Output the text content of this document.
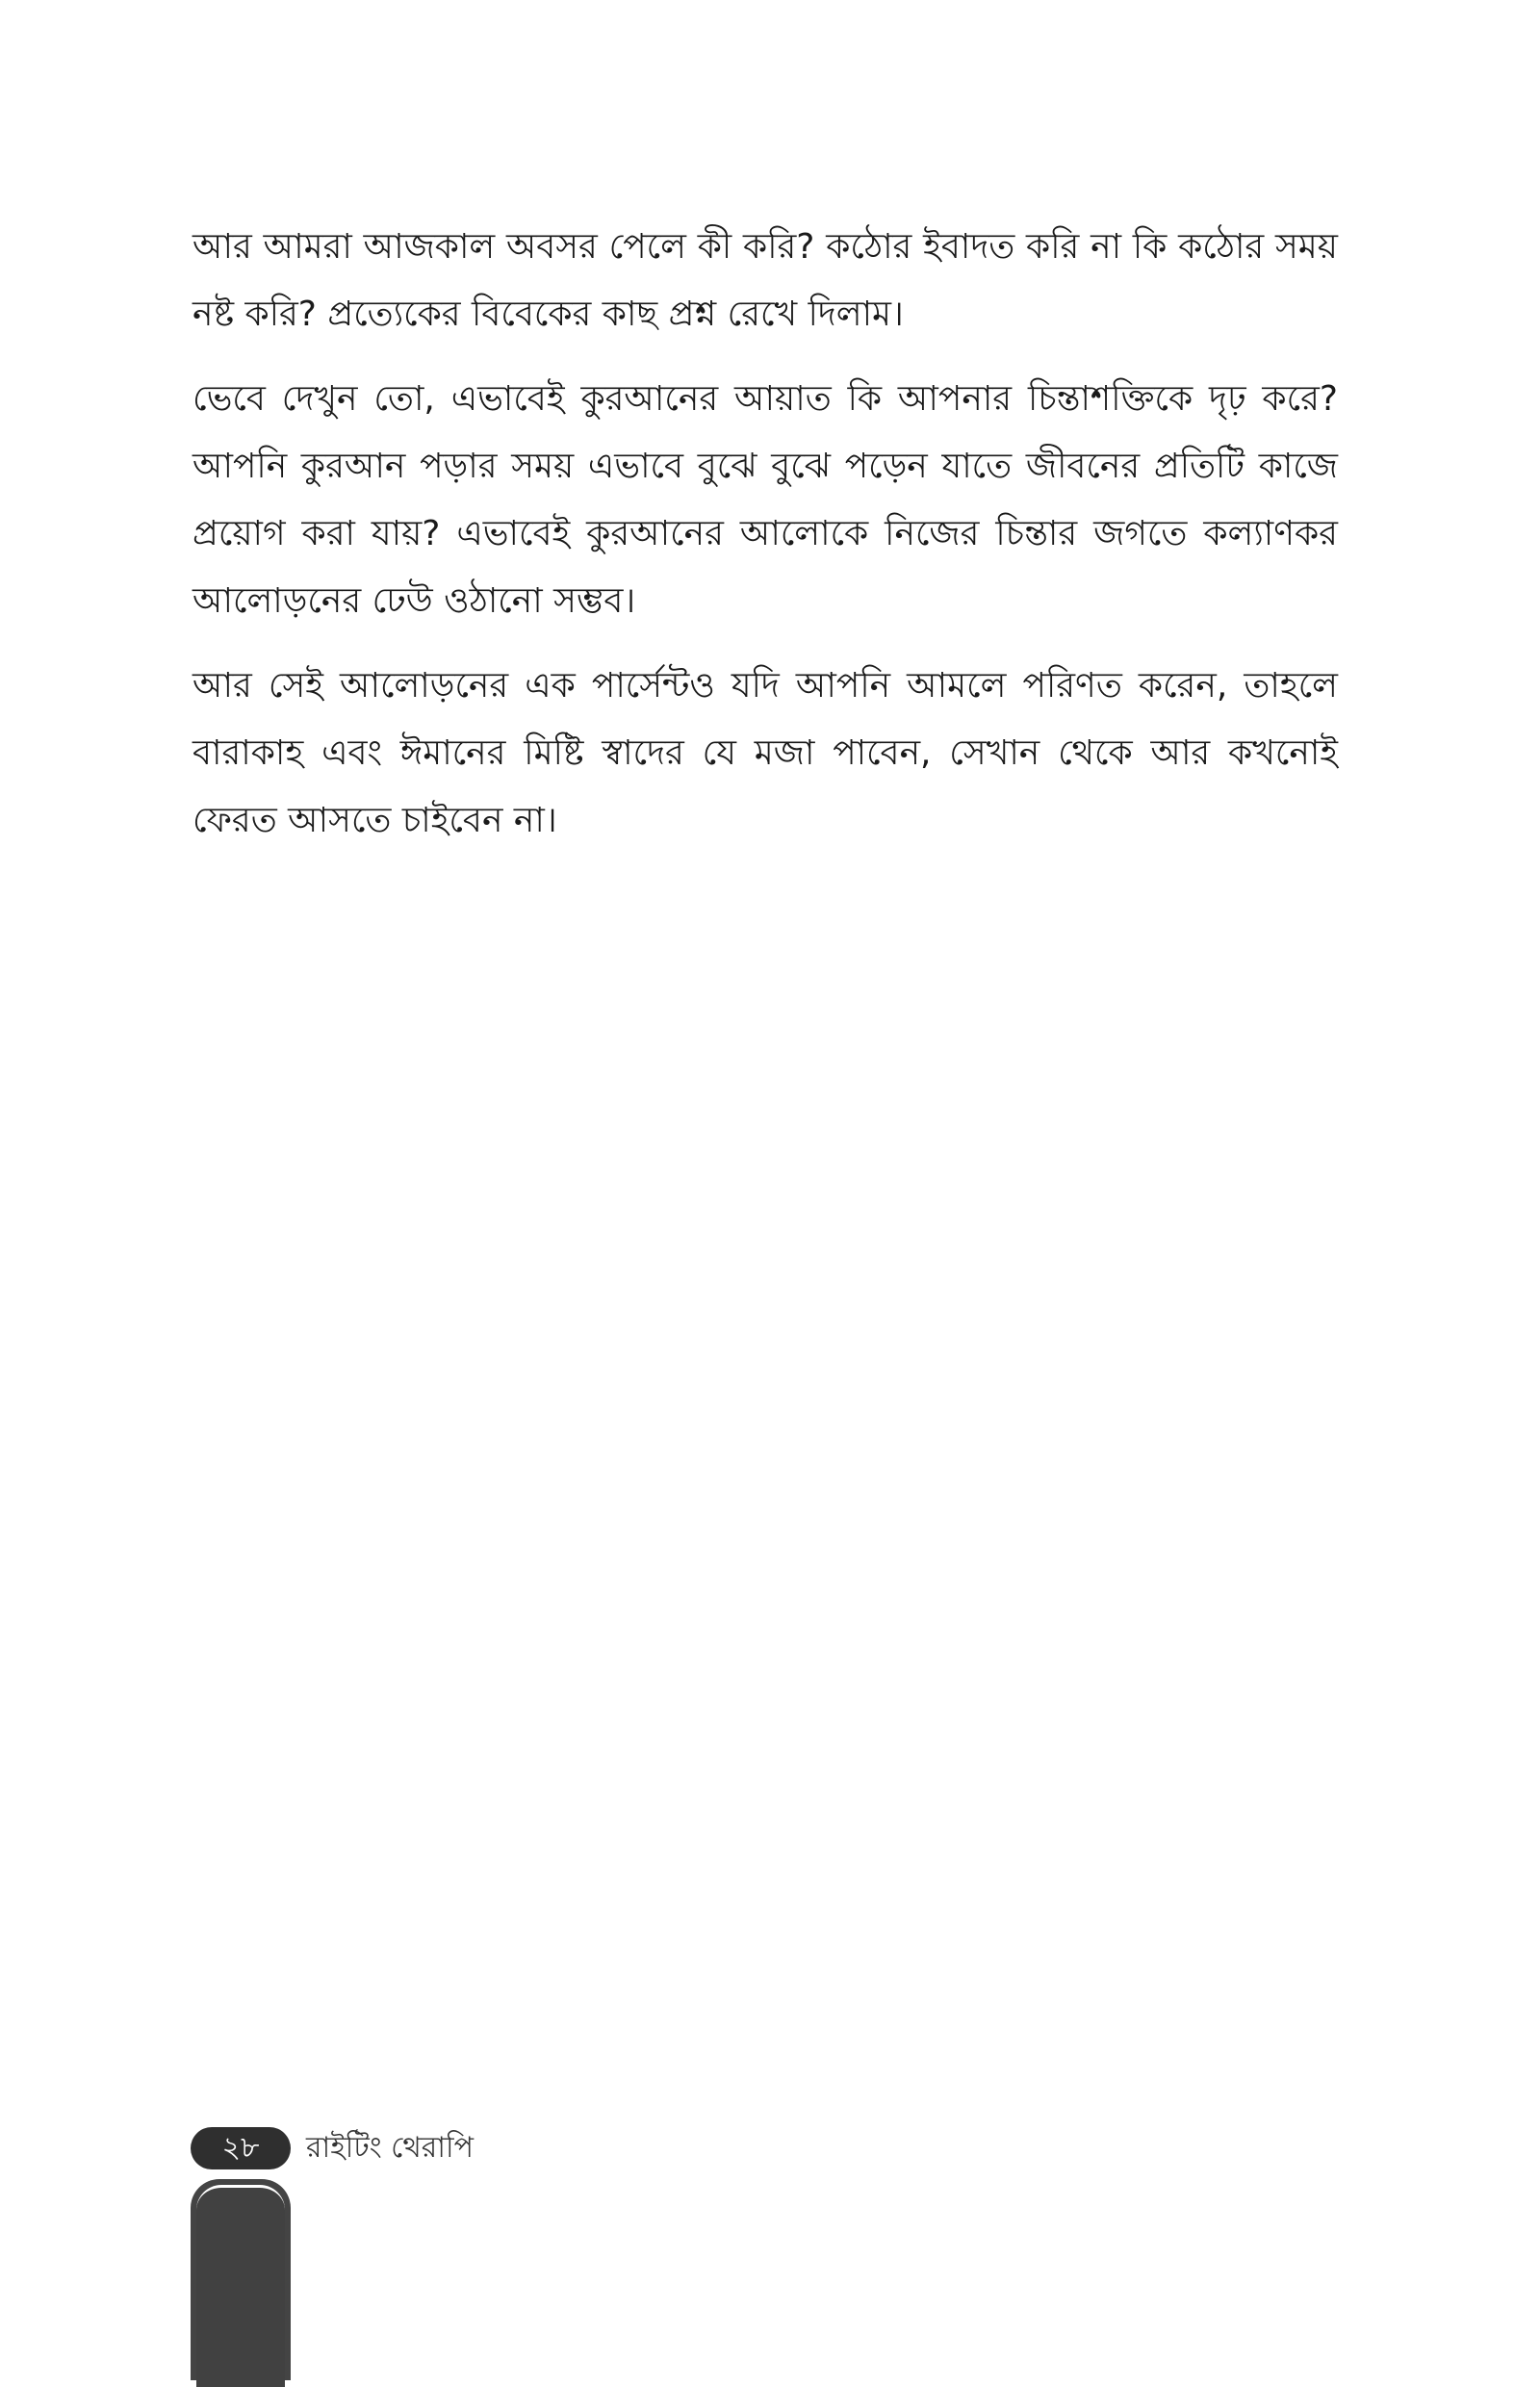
আর আমরা আজকাল অবসর পেলে কী করি? কঠোর ইবাদত করি না কি কঠোর সময় নষ্ট করি? প্রত্যেকের বিবেকের কাছ প্রশ্ন রেখে দিলাম।

ভেবে দেখুন তো, এভাবেই কুরআনের আয়াত কি আপনার চিন্তাশক্তিকে দৃঢ় করে? আপনি কুরআন পড়ার সময় এভাবে বুঝে বুঝে পড়েন যাতে জীবনের প্রতিটি কাজে প্রয়োগ করা যায়? এভাবেই কুরআনের আলোকে নিজের চিন্তার জগতে কল্যাণকর আলোড়নের ঢেউ ওঠানো সম্ভব।

আর সেই আলোড়নের এক পার্সেন্টও যদি আপনি আমলে পরিণত করেন, তাহলে বারাকাহ এবং ঈমানের মিষ্টি স্বাদের যে মজা পাবেন, সেখান থেকে আর কখনোই ফেরত আসতে চাইবেন না।

২৮	রাইটিং থেরাপি
